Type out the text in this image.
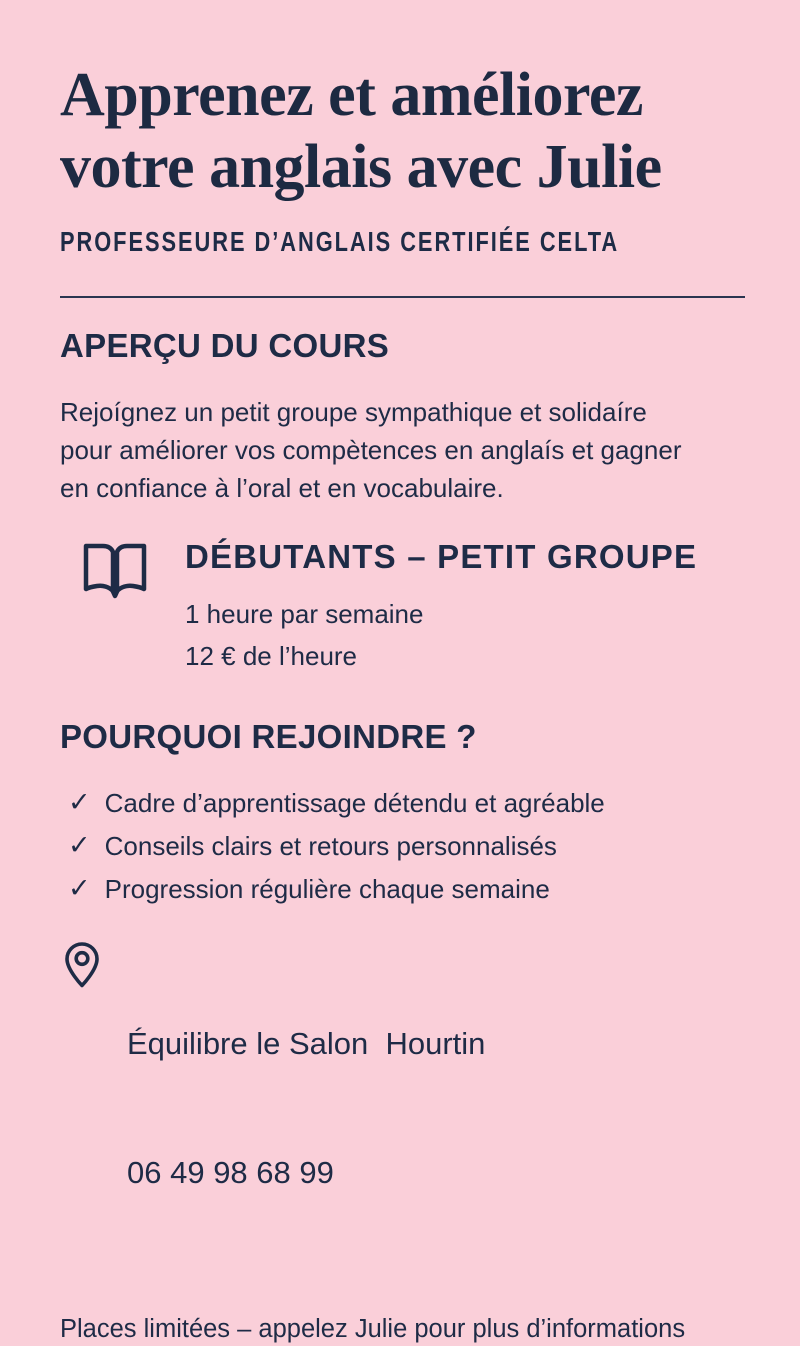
Apprenez et améliorez
votre anglais avec Julie
PROFESSEURE D’ANGLAIS CERTIFIÉE CELTA
APERÇU DU COURS
Rejoígnez un petit groupe sympathique et solidaíre
pour améliorer vos compètences en anglaís et gagner
en confiance à l’oral et en vocabulaire.
DÉBUTANTS – PETIT GROUPE
1 heure par semaine
12 € de l’heure
POURQUOI REJOINDRE ?
✓ Cadre d’apprentissage détendu et agréable
✓ Conseils clairs et retours personnalisés
✓ Progression régulière chaque semaine

Équilibre le Salon  Hourtin

06 49 98 68 99

Places limitées – appelez Julie pour plus d’informations
